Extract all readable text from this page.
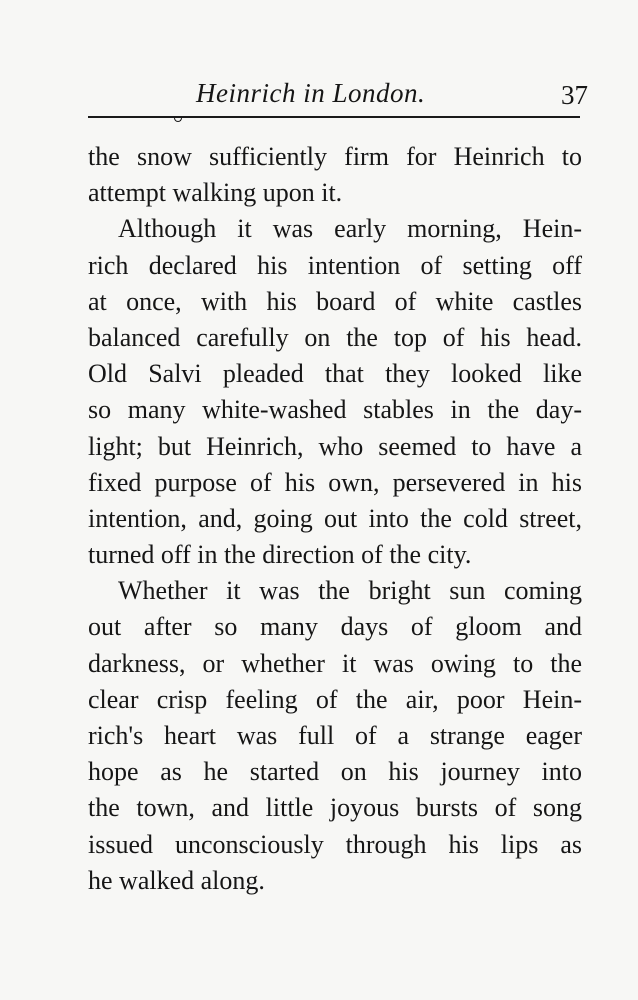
Heinrich in London.	37
the snow sufficiently firm for Heinrich to
attempt walking upon it.
Although it was early morning, Hein-
rich declared his intention of setting off
at once, with his board of white castles
balanced carefully on the top of his head.
Old Salvi pleaded that they looked like
so many white-washed stables in the day-
light; but Heinrich, who seemed to have a
fixed purpose of his own, persevered in his
intention, and, going out into the cold street,
turned off in the direction of the city.
Whether it was the bright sun coming
out after so many days of gloom and
darkness, or whether it was owing to the
clear crisp feeling of the air, poor Hein-
rich's heart was full of a strange eager
hope as he started on his journey into
the town, and little joyous bursts of song
issued unconsciously through his lips as
he walked along.
